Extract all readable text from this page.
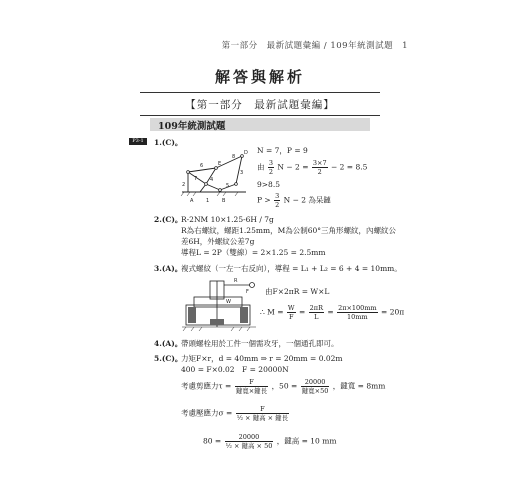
第一部分　最新試題彙編 / 109年統測試題　1
解答與解析
【第一部分　最新試題彙編】
109年統測試題
P3-1	1.(C)。
N = 7，P = 9
由 $\frac{3}{2}$ $N - 2 = \frac{3\times 7}{2} - 2 = 8.5$
9>8.5
$P > \frac{3}{2}$ N − 2 為呆鏈
2
6
8
3
5
4
7
A	1	B
D
E
2.(C)。
R-2NM 10×1.25-6H / 7g
R為右螺紋，螺距1.25mm，M為公制60°三角形螺紋，內螺紋公
差6H，外螺紋公差7g
導程L = 2P（雙線）= 2×1.25 = 2.5mm
3.(A)。
複式螺紋（一左一右反向），導程 = L₁ + L₂ = 6 + 4 = 10mm。
由F×2πR = W×L
∴ $M = \frac{W}{F} = \frac{2\pi R}{L} = \frac{2\pi\times 100mm}{10mm} = 20\pi$
R
F
W
4.(A)。
帶頭螺栓用於工件一個需攻牙，一個通孔即可。
5.(C)。
力矩F×r，d = 40mm ⇒ r = 20mm = 0.02m
400 = F×0.02　F = 20000N
考慮剪應力$\tau = \frac{F}{\text{鍵寬×鍵長}}$ ，$50 = \frac{20000}{\text{鍵寬×50}}$ ，鍵寬 = 8mm
考慮壓應力$\sigma = \frac{F}{\text{½ × 鍵高 × 鍵長}}$
$80 = \frac{20000}{\text{½ × 鍵高 × 50}}$ ，鍵高 = 10 mm
